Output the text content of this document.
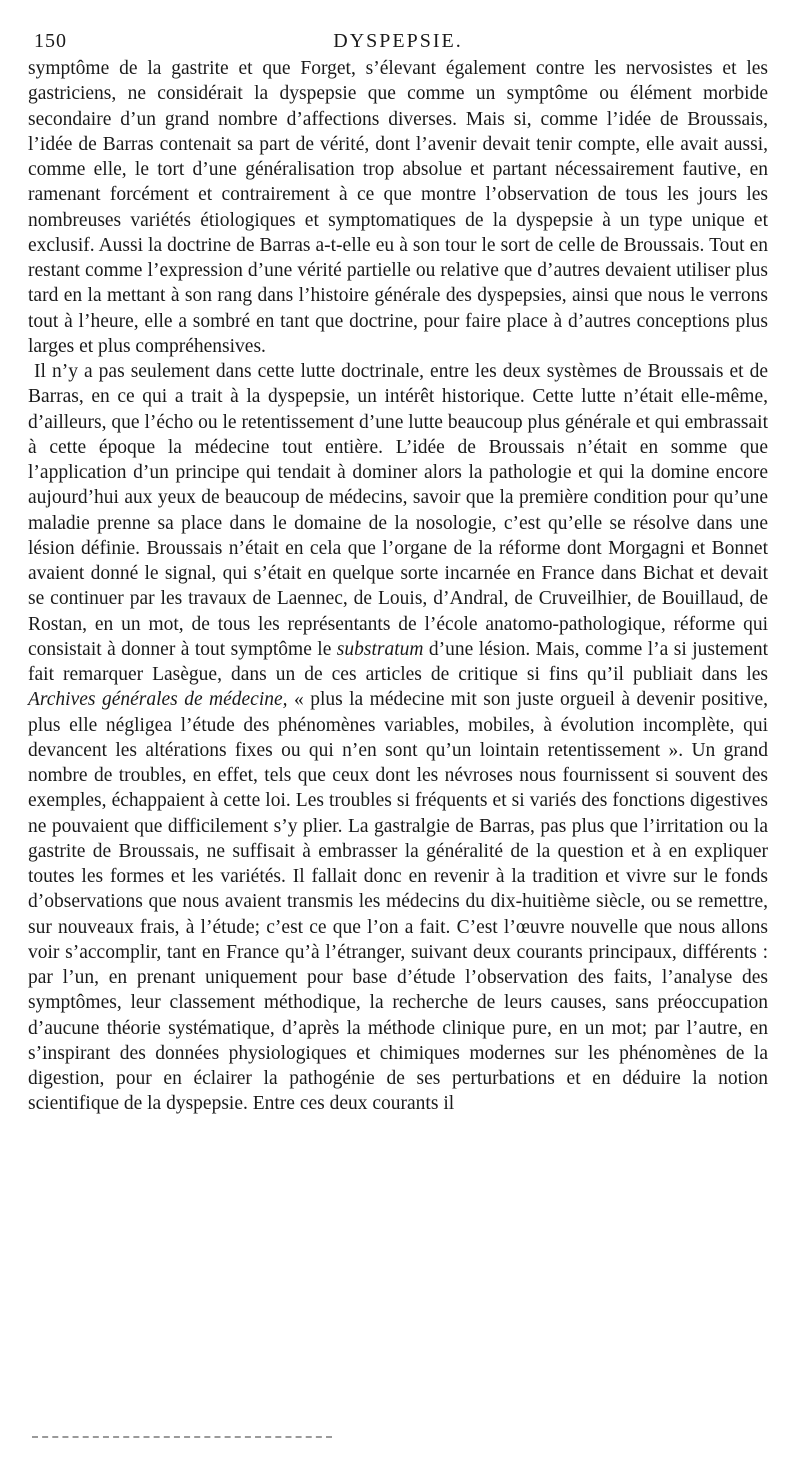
150	DYSPEPSIE.

symptôme de la gastrite et que Forget, s’élevant également contre les nervosistes et les gastriciens, ne considérait la dyspepsie que comme un symptôme ou élément morbide secondaire d’un grand nombre d’affections diverses. Mais si, comme l’idée de Broussais, l’idée de Barras contenait sa part de vérité, dont l’avenir devait tenir compte, elle avait aussi, comme elle, le tort d’une généralisation trop absolue et partant nécessairement fautive, en ramenant forcément et contrairement à ce que montre l’observation de tous les jours les nombreuses variétés étiologiques et symptomatiques de la dyspepsie à un type unique et exclusif. Aussi la doctrine de Barras a-t-elle eu à son tour le sort de celle de Broussais. Tout en restant comme l’expression d’une vérité partielle ou relative que d’autres devaient utiliser plus tard en la mettant à son rang dans l’histoire générale des dyspepsies, ainsi que nous le verrons tout à l’heure, elle a sombré en tant que doctrine, pour faire place à d’autres conceptions plus larges et plus compréhensives.

Il n’y a pas seulement dans cette lutte doctrinale, entre les deux systèmes de Broussais et de Barras, en ce qui a trait à la dyspepsie, un intérêt historique. Cette lutte n’était elle-même, d’ailleurs, que l’écho ou le retentissement d’une lutte beaucoup plus générale et qui embrassait à cette époque la médecine tout entière. L’idée de Broussais n’était en somme que l’application d’un principe qui tendait à dominer alors la pathologie et qui la domine encore aujourd’hui aux yeux de beaucoup de médecins, savoir que la première condition pour qu’une maladie prenne sa place dans le domaine de la nosologie, c’est qu’elle se résolve dans une lésion définie. Broussais n’était en cela que l’organe de la réforme dont Morgagni et Bonnet avaient donné le signal, qui s’était en quelque sorte incarnée en France dans Bichat et devait se continuer par les travaux de Laennec, de Louis, d’Andral, de Cruveilhier, de Bouillaud, de Rostan, en un mot, de tous les représentants de l’école anatomo-pathologique, réforme qui consistait à donner à tout symptôme le substratum d’une lésion. Mais, comme l’a si justement fait remarquer Lasègue, dans un de ces articles de critique si fins qu’il publiait dans les Archives générales de médecine, « plus la médecine mit son juste orgueil à devenir positive, plus elle négligea l’étude des phénomènes variables, mobiles, à évolution incomplète, qui devancent les altérations fixes ou qui n’en sont qu’un lointain retentissement ». Un grand nombre de troubles, en effet, tels que ceux dont les névroses nous fournissent si souvent des exemples, échappaient à cette loi. Les troubles si fréquents et si variés des fonctions digestives ne pouvaient que difficilement s’y plier. La gastralgie de Barras, pas plus que l’irritation ou la gastrite de Broussais, ne suffisait à embrasser la généralité de la question et à en expliquer toutes les formes et les variétés. Il fallait donc en revenir à la tradition et vivre sur le fonds d’observations que nous avaient transmis les médecins du dix-huitième siècle, ou se remettre, sur nouveaux frais, à l’étude; c’est ce que l’on a fait. C’est l’œuvre nouvelle que nous allons voir s’accomplir, tant en France qu’à l’étranger, suivant deux courants principaux, différents : par l’un, en prenant uniquement pour base d’étude l’observation des faits, l’analyse des symptômes, leur classement méthodique, la recherche de leurs causes, sans préoccupation d’aucune théorie systématique, d’après la méthode clinique pure, en un mot; par l’autre, en s’inspirant des données physiologiques et chimiques modernes sur les phénomènes de la digestion, pour en éclairer la pathogénie de ses perturbations et en déduire la notion scientifique de la dyspepsie. Entre ces deux courants il
